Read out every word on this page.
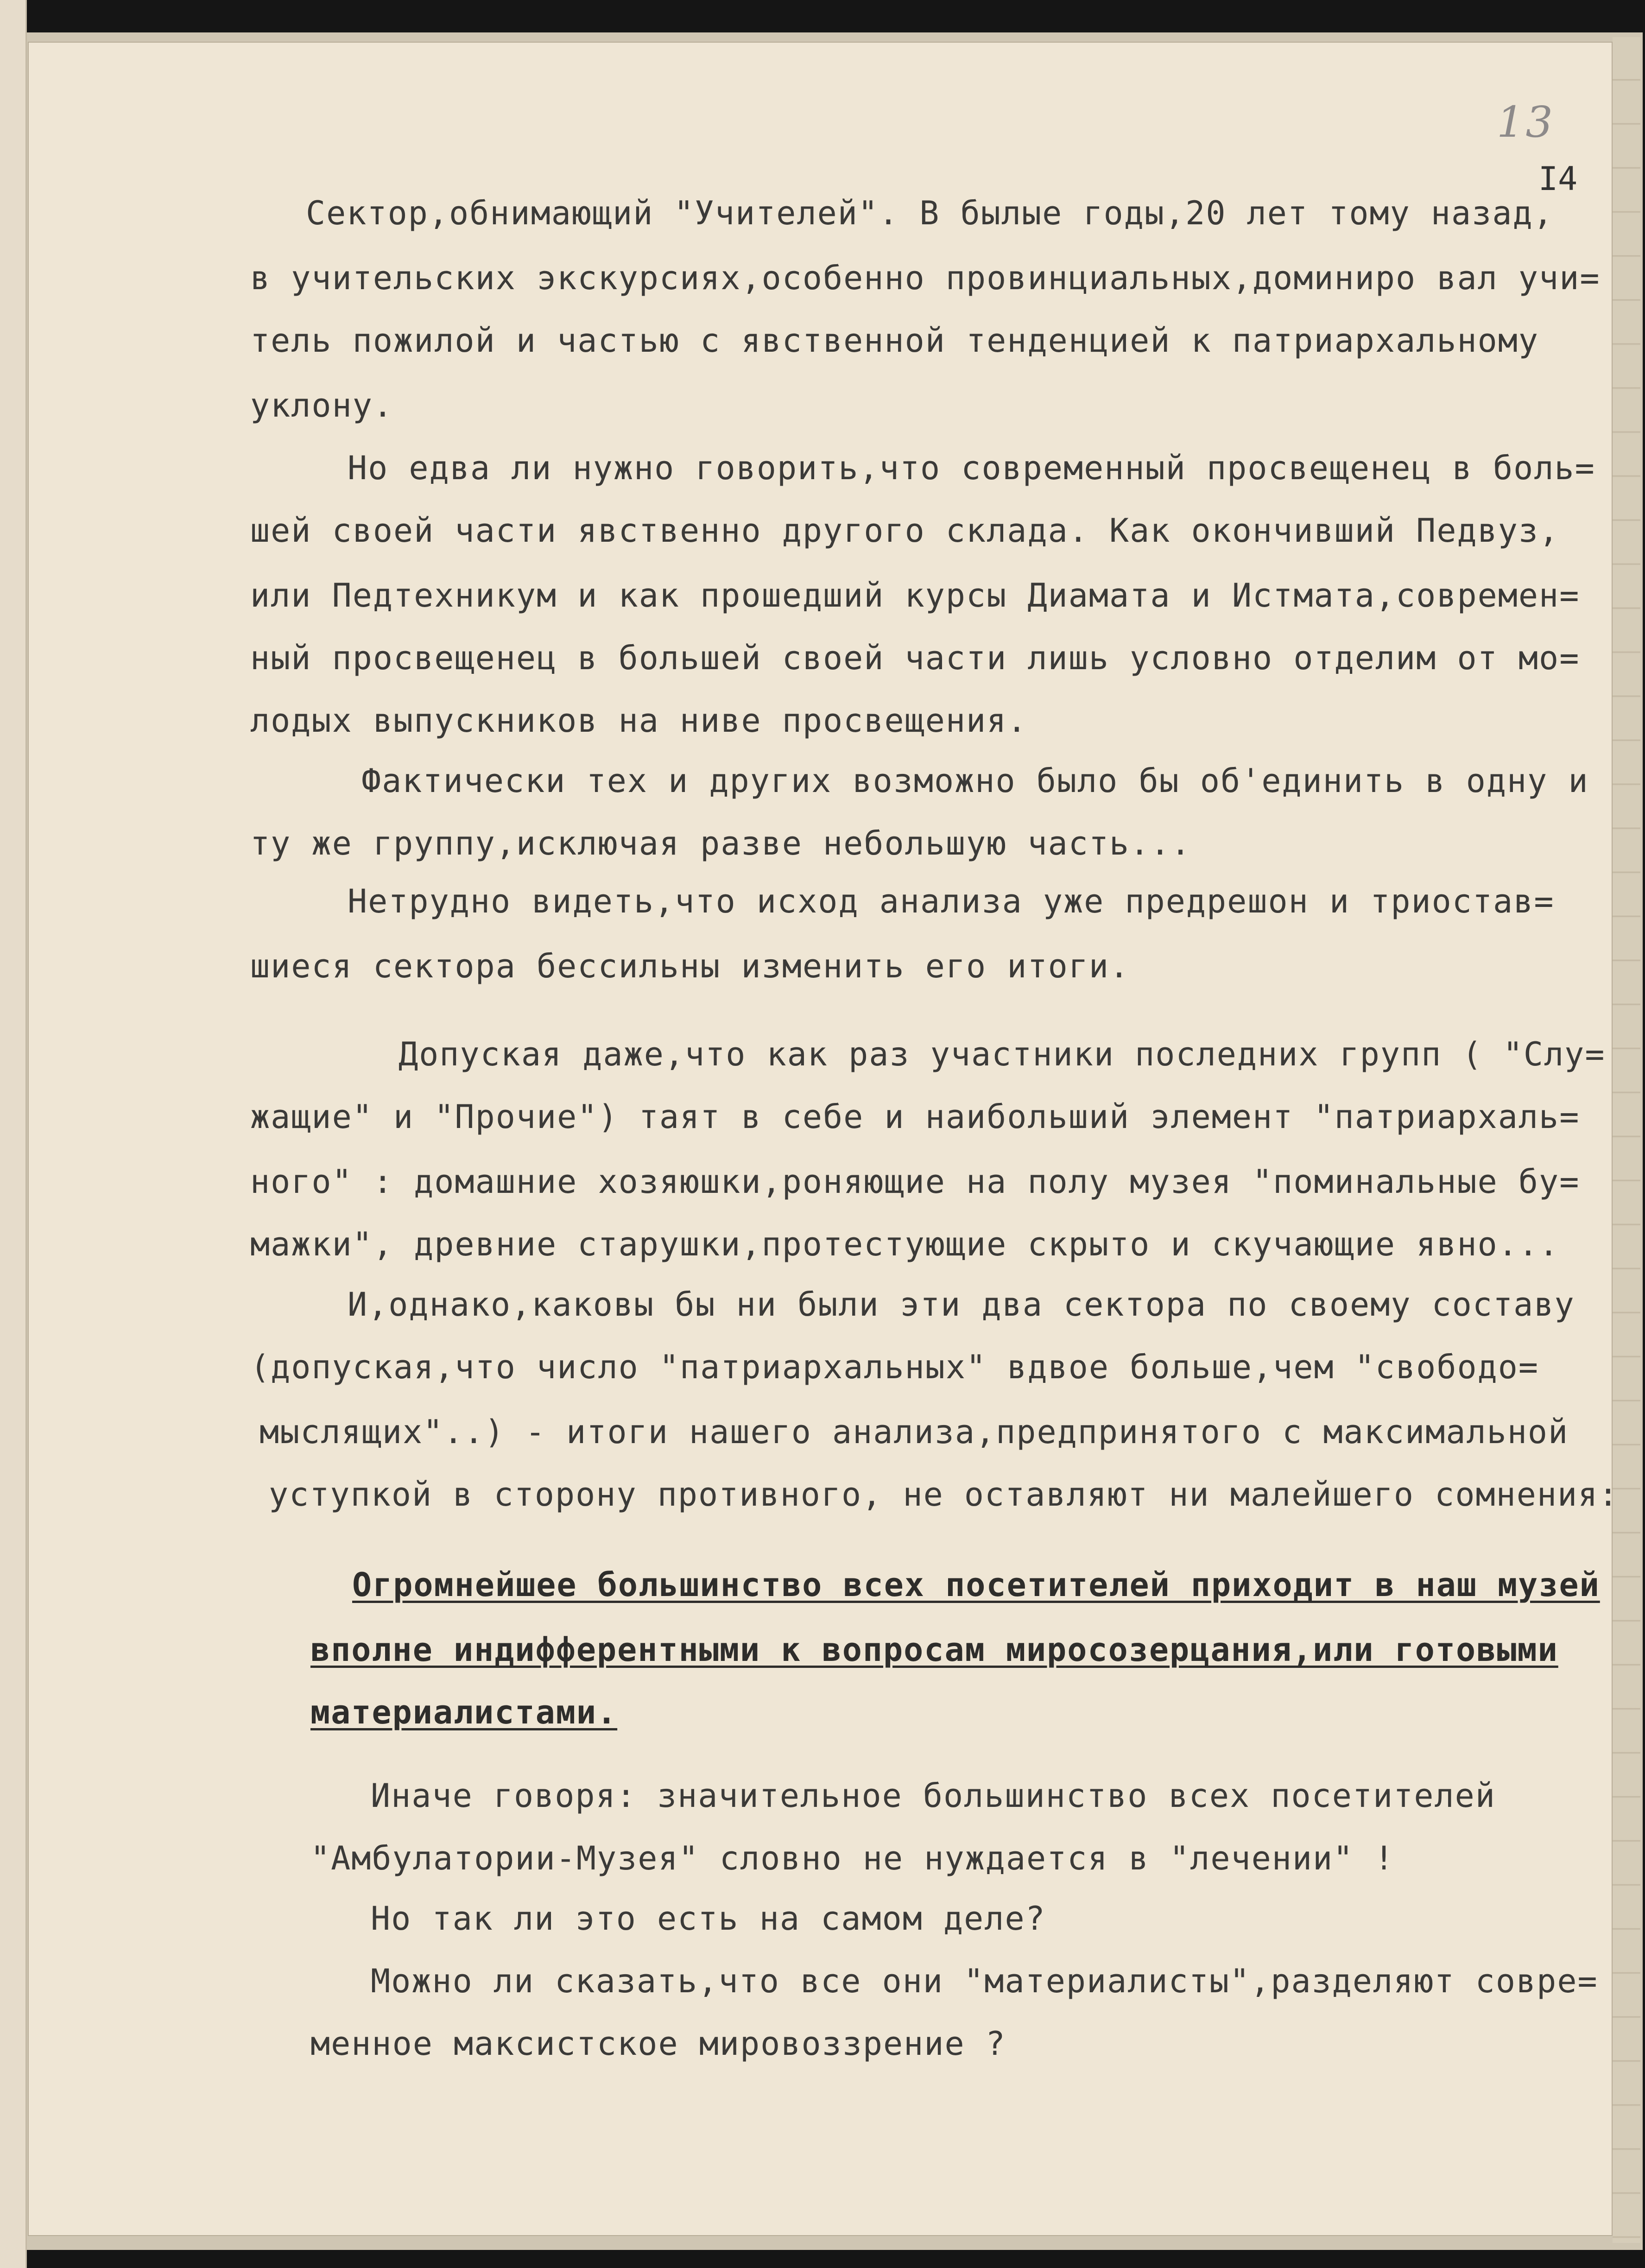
13
I4
Сектор,обнимающий "Учителей". В былые годы,20 лет тому назад,
в учительских экскурсиях,особенно провинциальных,доминиро вал учи=
тель пожилой и частью с явственной тенденцией к патриархальному
уклону.
Но едва ли нужно говорить,что современный просвещенец в боль=
шей своей части явственно другого склада. Как окончивший Педвуз,
или Педтехникум и как прошедший курсы Диамата и Истмата,современ=
ный просвещенец в большей своей части лишь условно отделим от мо=
лодых выпускников на ниве просвещения.
Фактически тех и других возможно было бы об'единить в одну и
ту же группу,исключая разве небольшую часть...
Нетрудно видеть,что исход анализа уже предрешон и триостав=
шиеся сектора бессильны изменить его итоги.
Допуская даже,что как раз участники последних групп ( "Слу=
жащие" и "Прочие") таят в себе и наибольший элемент "патриархаль=
ного" : домашние хозяюшки,роняющие на полу музея "поминальные бу=
мажки", древние старушки,протестующие скрыто и скучающие явно...
И,однако,каковы бы ни были эти два сектора по своему составу
(допуская,что число "патриархальных" вдвое больше,чем "свободо=
мыслящих"..) - итоги нашего анализа,предпринятого с максимальной
уступкой в сторону противного, не оставляют ни малейшего сомнения:
Огромнейшее большинство всех посетителей приходит в наш музей
вполне индифферентными к вопросам миросозерцания,или готовыми
материалистами.
Иначе говоря: значительное большинство всех посетителей
"Амбулатории-Музея" словно не нуждается в "лечении" !
Но так ли это есть на самом деле?
Можно ли сказать,что все они "материалисты",разделяют совре=
менное максистское мировоззрение ?
